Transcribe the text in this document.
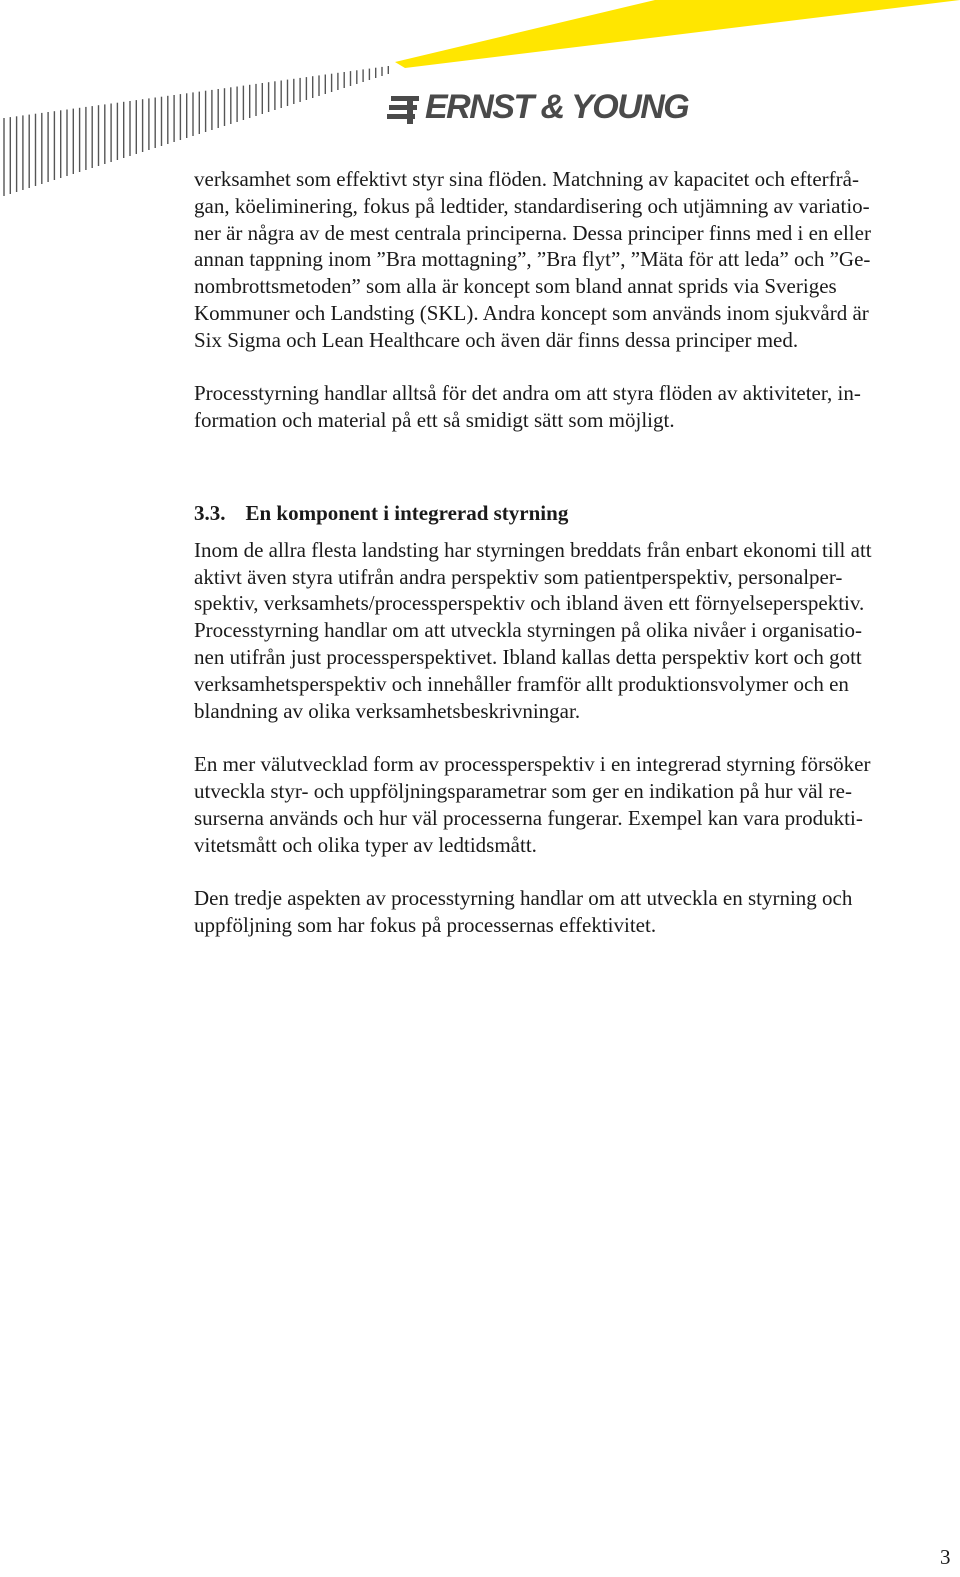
ERNST & YOUNG
verksamhet som effektivt styr sina flöden. Matchning av kapacitet och efterfrå-
gan, köeliminering, fokus på ledtider, standardisering och utjämning av variatio-
ner är några av de mest centrala principerna. Dessa principer finns med i en eller
annan tappning inom ”Bra mottagning”, ”Bra flyt”, ”Mäta för att leda” och ”Ge-
nombrottsmetoden” som alla är koncept som bland annat sprids via Sveriges
Kommuner och Landsting (SKL). Andra koncept som används inom sjukvård är
Six Sigma och Lean Healthcare och även där finns dessa principer med.
Processtyrning handlar alltså för det andra om att styra flöden av aktiviteter, in-
formation och material på ett så smidigt sätt som möjligt.
3.3. En komponent i integrerad styrning
Inom de allra flesta landsting har styrningen breddats från enbart ekonomi till att
aktivt även styra utifrån andra perspektiv som patientperspektiv, personalper-
spektiv, verksamhets/processperspektiv och ibland även ett förnyelseperspektiv.
Processtyrning handlar om att utveckla styrningen på olika nivåer i organisatio-
nen utifrån just processperspektivet. Ibland kallas detta perspektiv kort och gott
verksamhetsperspektiv och innehåller framför allt produktionsvolymer och en
blandning av olika verksamhetsbeskrivningar.
En mer välutvecklad form av processperspektiv i en integrerad styrning försöker
utveckla styr- och uppföljningsparametrar som ger en indikation på hur väl re-
surserna används och hur väl processerna fungerar. Exempel kan vara produkti-
vitetsmått och olika typer av ledtidsmått.
Den tredje aspekten av processtyrning handlar om att utveckla en styrning och
uppföljning som har fokus på processernas effektivitet.
3
